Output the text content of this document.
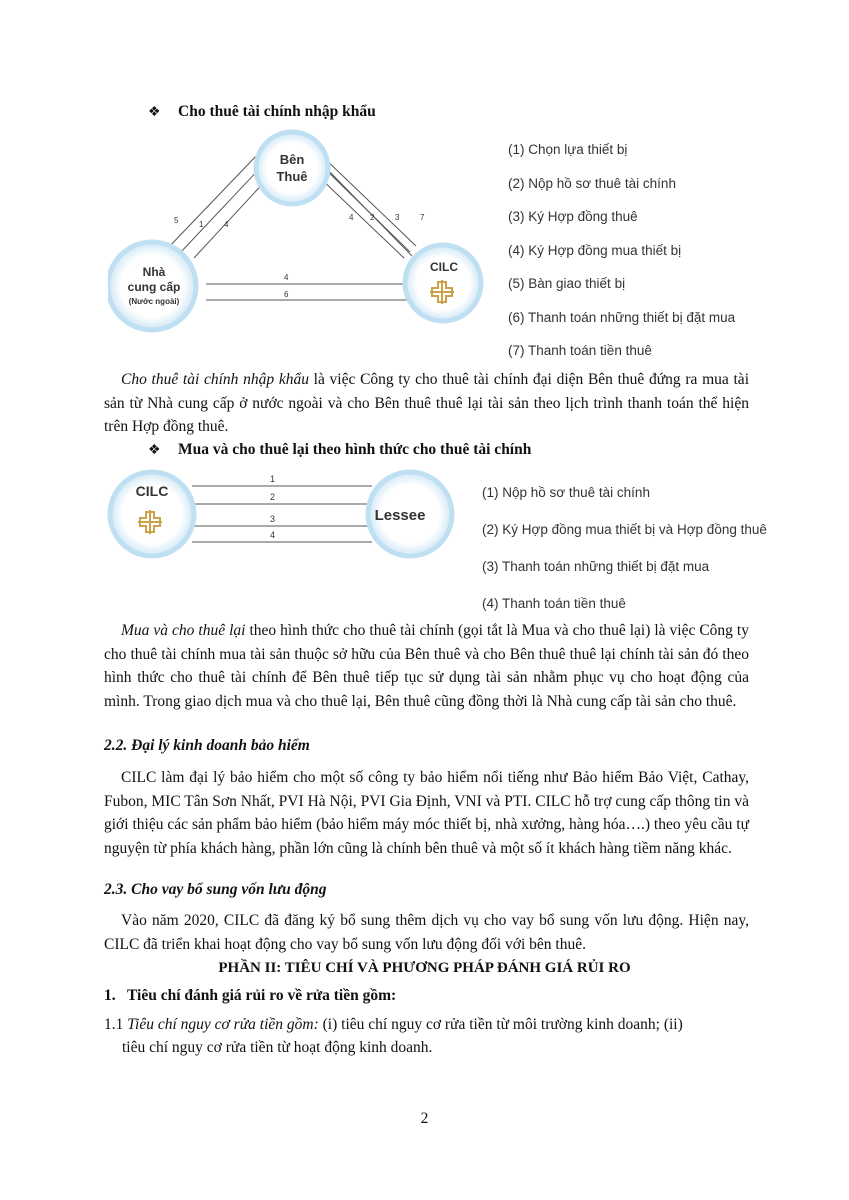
❖ Cho thuê tài chính nhập khẩu
Bên
Thuê
Nhà
cung cấp
(Nước ngoài)
CILC
5	1	4
4 2	3	7
4
6
(1) Chọn lựa thiết bị
(2) Nộp hồ sơ thuê tài chính
(3) Ký Hợp đồng thuê
(4) Ký Hợp đồng mua thiết bị
(5) Bàn giao thiết bị
(6) Thanh toán những thiết bị đặt mua
(7) Thanh toán tiền thuê
Cho thuê tài chính nhập khẩu là việc Công ty cho thuê tài chính đại diện Bên thuê đứng ra mua tài sản từ Nhà cung cấp ở nước ngoài và cho Bên thuê thuê lại tài sản theo lịch trình thanh toán thể hiện trên Hợp đồng thuê.
❖ Mua và cho thuê lại theo hình thức cho thuê tài chính
CILC
Lessee
1
2
3
4
(1) Nộp hồ sơ thuê tài chính
(2) Ký Hợp đồng mua thiết bị và Hợp đồng thuê
(3) Thanh toán những thiết bị đặt mua
(4) Thanh toán tiền thuê
Mua và cho thuê lại theo hình thức cho thuê tài chính (gọi tắt là Mua và cho thuê lại) là việc Công ty cho thuê tài chính mua tài sản thuộc sở hữu của Bên thuê và cho Bên thuê thuê lại chính tài sản đó theo hình thức cho thuê tài chính để Bên thuê tiếp tục sử dụng tài sản nhằm phục vụ cho hoạt động của mình. Trong giao dịch mua và cho thuê lại, Bên thuê cũng đồng thời là Nhà cung cấp tài sản cho thuê.
2.2. Đại lý kinh doanh bảo hiểm
CILC làm đại lý bảo hiểm cho một số công ty bảo hiểm nổi tiếng như Bảo hiểm Bảo Việt, Cathay, Fubon, MIC Tân Sơn Nhất, PVI Hà Nội, PVI Gia Định, VNI và PTI. CILC hỗ trợ cung cấp thông tin và giới thiệu các sản phẩm bảo hiểm (bảo hiểm máy móc thiết bị, nhà xưởng, hàng hóa….) theo yêu cầu tự nguyện từ phía khách hàng, phần lớn cũng là chính bên thuê và một số ít khách hàng tiềm năng khác.
2.3. Cho vay bổ sung vốn lưu động
Vào năm 2020, CILC đã đăng ký bổ sung thêm dịch vụ cho vay bổ sung vốn lưu động. Hiện nay, CILC đã triển khai hoạt động cho vay bổ sung vốn lưu động đối với bên thuê.
PHẦN II: TIÊU CHÍ VÀ PHƯƠNG PHÁP ĐÁNH GIÁ RỦI RO
1.   Tiêu chí đánh giá rủi ro về rửa tiền gồm:
1.1 Tiêu chí nguy cơ rửa tiền gồm: (i) tiêu chí nguy cơ rửa tiền từ môi trường kinh doanh; (ii)
tiêu chí nguy cơ rửa tiền từ hoạt động kinh doanh.
2
